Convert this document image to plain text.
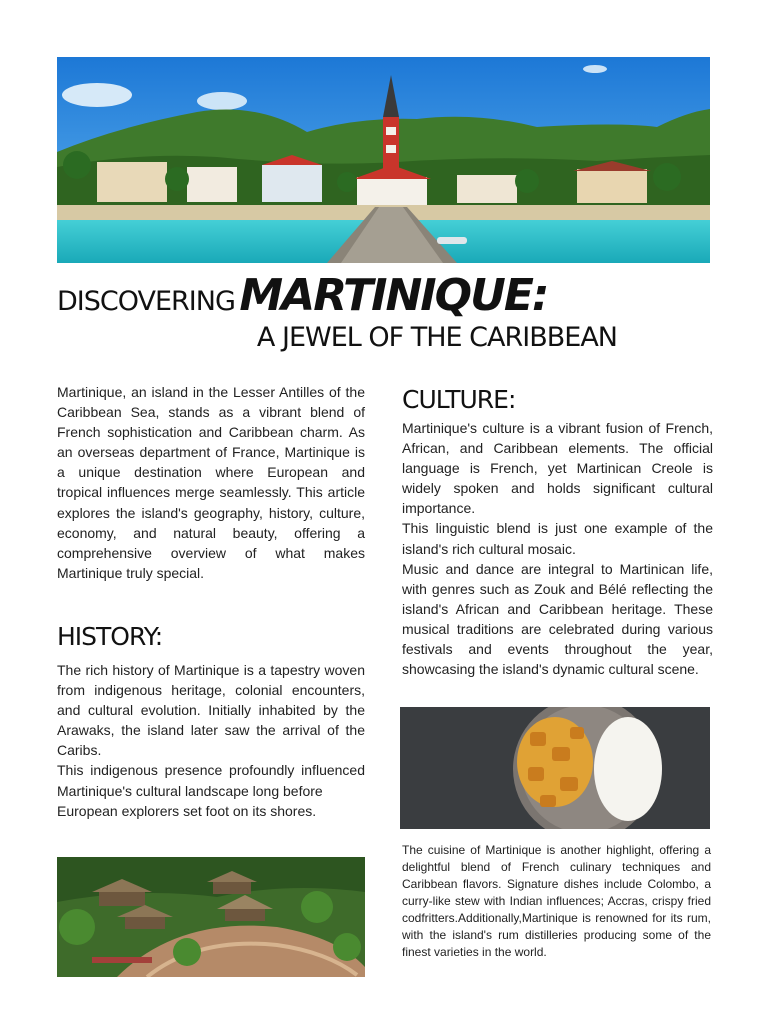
DISCOVERING MARTINIQUE:
A JEWEL OF THE CARIBBEAN
Martinique, an island in the Lesser Antilles of the Caribbean Sea, stands as a vibrant blend of French sophistication and Caribbean charm. As an overseas department of France, Martinique is a unique destination where European and tropical influences merge seamlessly. This article explores the island's geography, history, culture, economy, and natural beauty, offering a comprehensive overview of what makes Martinique truly special.
HISTORY:

The rich history of Martinique is a tapestry woven from indigenous heritage, colonial encounters, and cultural evolution. Initially inhabited by the Arawaks, the island later saw the arrival of the Caribs.

This indigenous presence profoundly influenced Martinique's cultural landscape long before

European explorers set foot on its shores.

CULTURE:

Martinique's culture is a vibrant fusion of French, African, and Caribbean elements. The official language is French, yet Martinican Creole is widely spoken and holds significant cultural importance.

This linguistic blend is just one example of the island's rich cultural mosaic.

Music and dance are integral to Martinican life, with genres such as Zouk and Bélé reflecting the island's African and Caribbean heritage. These musical traditions are celebrated during various festivals and events throughout the year, showcasing the island's dynamic cultural scene.

The cuisine of Martinique is another highlight, offering a delightful blend of French culinary techniques and Caribbean flavors. Signature dishes include Colombo, a curry-like stew with Indian influences; Accras, crispy fried codfritters.Additionally,Martinique is renowned for its rum, with the island's rum distilleries producing some of the finest varieties in the world.
